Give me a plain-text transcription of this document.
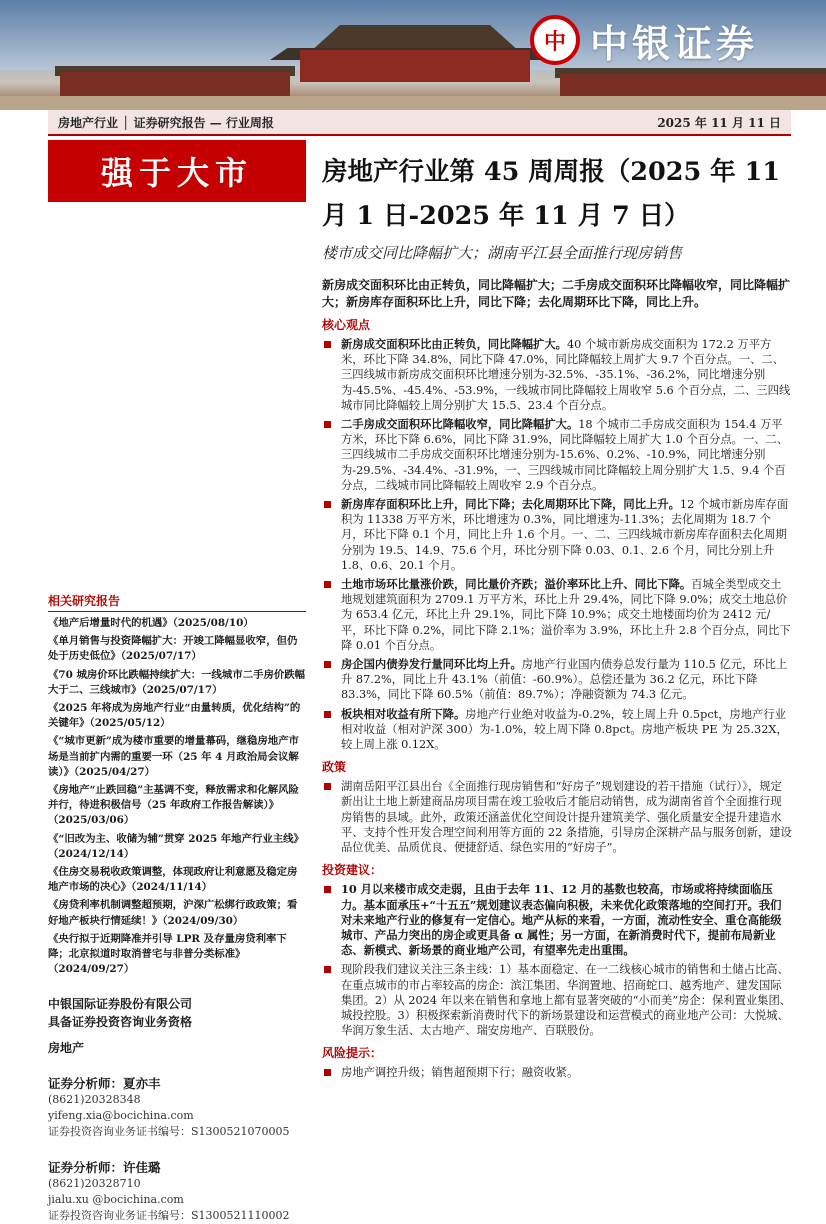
中 中银证券
房地产行业 │ 证券研究报告 — 行业周报	2025 年 11 月 11 日
强于大市
相关研究报告
《地产后增量时代的机遇》（2025/08/10）
《单月销售与投资降幅扩大：开竣工降幅显收窄，但仍处于历史低位》（2025/07/17）
《70 城房价环比跌幅持续扩大：一线城市二手房价跌幅大于二、三线城市》（2025/07/17）
《2025 年将成为房地产行业“由量转质，优化结构”的关键年》（2025/05/12）
《“城市更新”成为楼市重要的增量幕码，继稳房地产市场是当前扩内需的重要一环（25 年 4 月政治局会议解读）》（2025/04/27）
《房地产“止跌回稳”主基调不变，释放需求和化解风险并行，待进积极信号（25 年政府工作报告解读）》（2025/03/06）
《“旧改为主、收储为辅”贯穿 2025 年地产行业主线》（2024/12/14）
《住房交易税收政策调整，体现政府让利意愿及稳定房地产市场的决心》（2024/11/14）
《房贷利率机制调整超预期，沪深广松绑行政政策；看好地产板块行情延续！》（2024/09/30）
《央行拟于近期降准并引导 LPR 及存量房贷利率下降；北京拟道时取消普宅与非普分类标准》（2024/09/27）
中银国际证券股份有限公司
具备证券投资咨询业务资格
房地产
证券分析师：夏亦丰
(8621)20328348
yifeng.xia@bocichina.com
证券投资咨询业务证书编号：S1300521070005
证券分析师：许佳璐
(8621)20328710
jialu.xu @bocichina.com
证券投资咨询业务证书编号：S1300521110002
房地产行业第 45 周周报（2025 年 11 月 1 日-2025 年 11 月 7 日）
楼市成交同比降幅扩大；湖南平江县全面推行现房销售
新房成交面积环比由正转负，同比降幅扩大；二手房成交面积环比降幅收窄，同比降幅扩大；新房库存面积环比上升，同比下降；去化周期环比下降，同比上升。
核心观点

新房成交面积环比由正转负，同比降幅扩大。40 个城市新房成交面积为 172.2 万平方米，环比下降 34.8%，同比下降 47.0%，同比降幅较上周扩大 9.7 个百分点。一、二、三四线城市新房成交面积环比增速分别为-32.5%、-35.1%、-36.2%，同比增速分别为-45.5%、-45.4%、-53.9%，一线城市同比降幅较上周收窄 5.6 个百分点，二、三四线城市同比降幅较上周分别扩大 15.5、23.4 个百分点。

二手房成交面积环比降幅收窄，同比降幅扩大。18 个城市二手房成交面积为 154.4 万平方米，环比下降 6.6%，同比下降 31.9%，同比降幅较上周扩大 1.0 个百分点。一、二、三四线城市二手房成交面积环比增速分别为-15.6%、0.2%、-10.9%，同比增速分别为-29.5%、-34.4%、-31.9%，一、三四线城市同比降幅较上周分别扩大 1.5、9.4 个百分点，二线城市同比降幅较上周收窄 2.9 个百分点。

新房库存面积环比上升，同比下降；去化周期环比下降，同比上升。12 个城市新房库存面积为 11338 万平方米，环比增速为 0.3%，同比增速为-11.3%；去化周期为 18.7 个月，环比下降 0.1 个月，同比上升 1.6 个月。一、二、三四线城市新房库存面积去化周期分别为 19.5、14.9、75.6 个月，环比分别下降 0.03、0.1、2.6 个月，同比分别上升 1.8、0.6、20.1 个月。

土地市场环比量涨价跌，同比量价齐跌；溢价率环比上升、同比下降。百城全类型成交土地规划建筑面积为 2709.1 万平方米，环比上升 29.4%，同比下降 9.0%；成交土地总价为 653.4 亿元，环比上升 29.1%，同比下降 10.9%；成交土地楼面均价为 2412 元/平，环比下降 0.2%，同比下降 2.1%；溢价率为 3.9%，环比上升 2.8 个百分点，同比下降 0.01 个百分点。

房企国内债券发行量同环比均上升。房地产行业国内债券总发行量为 110.5 亿元，环比上升 87.2%，同比上升 43.1%（前值：-60.9%）。总偿还量为 36.2 亿元，环比下降 83.3%，同比下降 60.5%（前值：89.7%）；净融资额为 74.3 亿元。

板块相对收益有所下降。房地产行业绝对收益为-0.2%，较上周上升 0.5pct，房地产行业相对收益（相对沪深 300）为-1.0%，较上周下降 0.8pct。房地产板块 PE 为 25.32X，较上周上涨 0.12X。

政策

湖南岳阳平江县出台《全面推行现房销售和“好房子”规划建设的若干措施（试行）》，规定新出让土地上新建商品房项目需在竣工验收后才能启动销售，成为湖南省首个全面推行现房销售的县域。此外，政策还涵盖优化空间设计提升建筑美学、强化质量安全提升建造水平、支持个性开发合理空间利用等方面的 22 条措施，引导房企深耕产品与服务创新，建设品位优美、品质优良、便捷舒适、绿色实用的“好房子”。

投资建议：

10 月以来楼市成交走弱，且由于去年 11、12 月的基数也较高，市场或将持续面临压力。基本面承压+“十五五”规划建议表态偏向积极，未来优化政策落地的空间打开。我们对未来地产行业的修复有一定信心。地产从标的来看，一方面，流动性安全、重仓高能级城市、产品力突出的房企或更具备 α 属性；另一方面，在新消费时代下，提前布局新业态、新模式、新场景的商业地产公司，有望率先走出重围。

现阶段我们建议关注三条主线：1）基本面稳定、在一二线核心城市的销售和土储占比高、在重点城市的市占率较高的房企：滨江集团、华润置地、招商蛇口、越秀地产、建发国际集团。2）从 2024 年以来在销售和拿地上都有显著突破的“小而美”房企：保利置业集团、城投控股。3）积极探索新消费时代下的新场景建设和运营模式的商业地产公司：大悦城、华润万象生活、太古地产、瑞安房地产、百联股份。

风险提示：

房地产调控升级；销售超预期下行；融资收紧。
